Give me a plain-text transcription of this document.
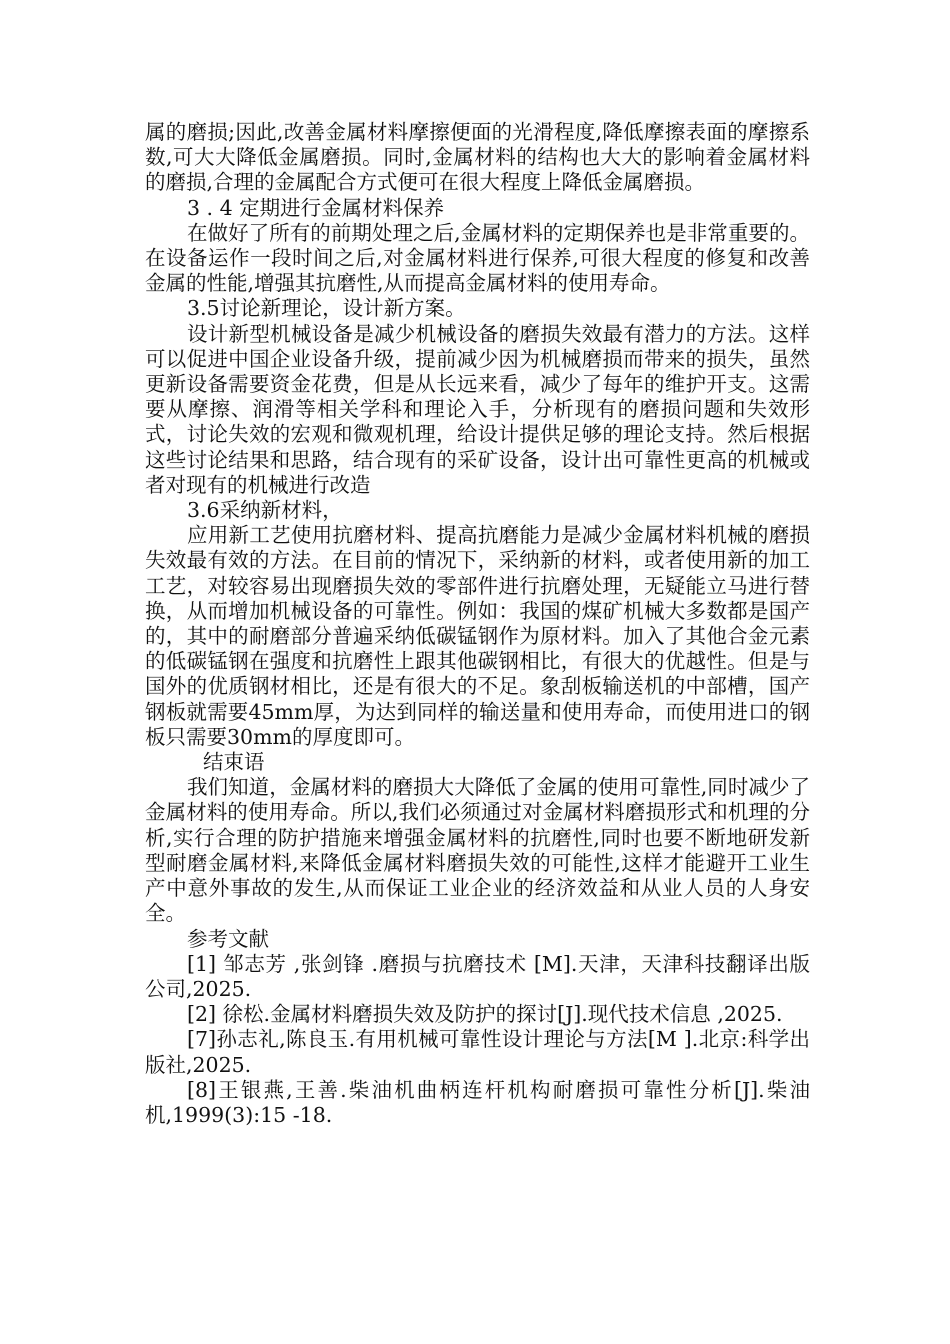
属的磨损;因此,改善金属材料摩擦便面的光滑程度,降低摩擦表面的摩擦系数,可大大降低金属磨损。同时,金属材料的结构也大大的影响着金属材料的磨损,合理的金属配合方式便可在很大程度上降低金属磨损。

3 . 4 定期进行金属材料保养

在做好了所有的前期处理之后,金属材料的定期保养也是非常重要的。在设备运作一段时间之后,对金属材料进行保养,可很大程度的修复和改善金属的性能,增强其抗磨性,从而提高金属材料的使用寿命。

3.5讨论新理论，设计新方案。

设计新型机械设备是减少机械设备的磨损失效最有潜力的方法。这样可以促进中国企业设备升级，提前减少因为机械磨损而带来的损失，虽然更新设备需要资金花费，但是从长远来看，减少了每年的维护开支。这需要从摩擦、润滑等相关学科和理论入手，分析现有的磨损问题和失效形式，讨论失效的宏观和微观机理，给设计提供足够的理论支持。然后根据这些讨论结果和思路，结合现有的采矿设备，设计出可靠性更高的机械或者对现有的机械进行改造

3.6采纳新材料，

应用新工艺使用抗磨材料、提高抗磨能力是减少金属材料机械的磨损失效最有效的方法。在目前的情况下，采纳新的材料，或者使用新的加工工艺，对较容易出现磨损失效的零部件进行抗磨处理，无疑能立马进行替换，从而增加机械设备的可靠性。例如：我国的煤矿机械大多数都是国产的，其中的耐磨部分普遍采纳低碳锰钢作为原材料。加入了其他合金元素的低碳锰钢在强度和抗磨性上跟其他碳钢相比，有很大的优越性。但是与国外的优质钢材相比，还是有很大的不足。象刮板输送机的中部槽，国产钢板就需要45mm厚，为达到同样的输送量和使用寿命，而使用进口的钢板只需要30mm的厚度即可。

结束语

我们知道，金属材料的磨损大大降低了金属的使用可靠性,同时减少了金属材料的使用寿命。所以,我们必须通过对金属材料磨损形式和机理的分析,实行合理的防护措施来增强金属材料的抗磨性,同时也要不断地研发新型耐磨金属材料,来降低金属材料磨损失效的可能性,这样才能避开工业生产中意外事故的发生,从而保证工业企业的经济效益和从业人员的人身安全。

参考文献

[1] 邹志芳 ,张剑锋 .磨损与抗磨技术 [M].天津，天津科技翻译出版公司,2025.

[2] 徐松.金属材料磨损失效及防护的探讨[J].现代技术信息 ,2025.

[7]孙志礼,陈良玉.有用机械可靠性设计理论与方法[M ].北京:科学出版社,2025.

[8]王银燕,王善.柴油机曲柄连杆机构耐磨损可靠性分析[J].柴油机,1999(3):15 -18.
